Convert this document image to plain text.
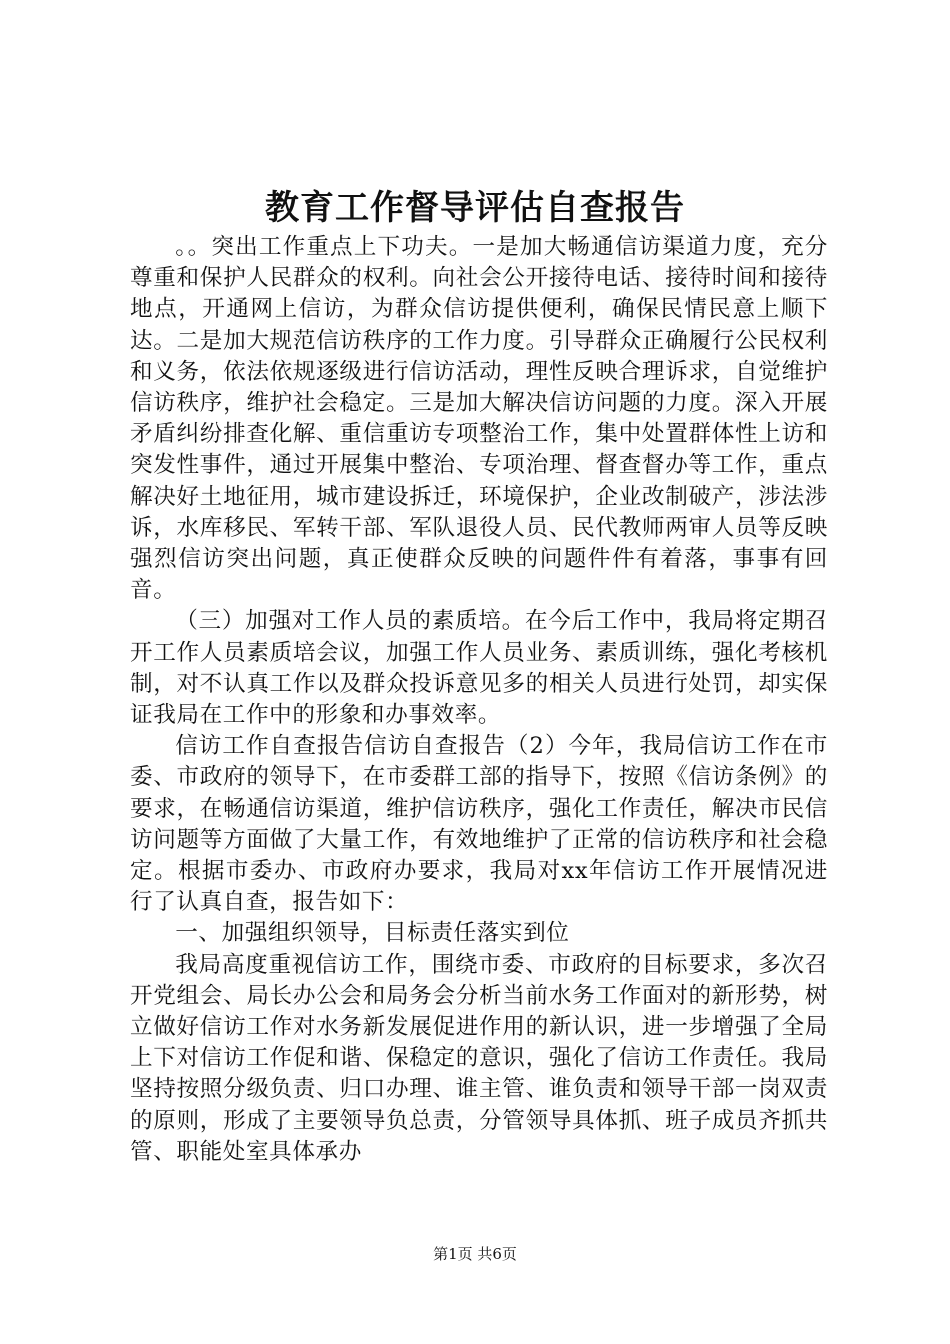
教育工作督导评估自查报告

。。突出工作重点上下功夫。一是加大畅通信访渠道力度，充分尊重和保护人民群众的权利。向社会公开接待电话、接待时间和接待地点，开通网上信访，为群众信访提供便利，确保民情民意上顺下达。二是加大规范信访秩序的工作力度。引导群众正确履行公民权利和义务，依法依规逐级进行信访活动，理性反映合理诉求，自觉维护信访秩序，维护社会稳定。三是加大解决信访问题的力度。深入开展矛盾纠纷排查化解、重信重访专项整治工作，集中处置群体性上访和突发性事件，通过开展集中整治、专项治理、督查督办等工作，重点解决好土地征用，城市建设拆迁，环境保护，企业改制破产，涉法涉诉，水库移民、军转干部、军队退役人员、民代教师两审人员等反映强烈信访突出问题，真正使群众反映的问题件件有着落，事事有回音。

（三）加强对工作人员的素质培。在今后工作中，我局将定期召开工作人员素质培会议，加强工作人员业务、素质训练，强化考核机制，对不认真工作以及群众投诉意见多的相关人员进行处罚，却实保证我局在工作中的形象和办事效率。

信访工作自查报告信访自查报告（2）今年，我局信访工作在市委、市政府的领导下，在市委群工部的指导下，按照《信访条例》的要求，在畅通信访渠道，维护信访秩序，强化工作责任，解决市民信访问题等方面做了大量工作，有效地维护了正常的信访秩序和社会稳定。根据市委办、市政府办要求，我局对xx年信访工作开展情况进行了认真自查，报告如下：

一、加强组织领导，目标责任落实到位

我局高度重视信访工作，围绕市委、市政府的目标要求，多次召开党组会、局长办公会和局务会分析当前水务工作面对的新形势，树立做好信访工作对水务新发展促进作用的新认识，进一步增强了全局上下对信访工作促和谐、保稳定的意识，强化了信访工作责任。我局坚持按照分级负责、归口办理、谁主管、谁负责和领导干部一岗双责的原则，形成了主要领导负总责，分管领导具体抓、班子成员齐抓共管、职能处室具体承办

第1页 共6页
